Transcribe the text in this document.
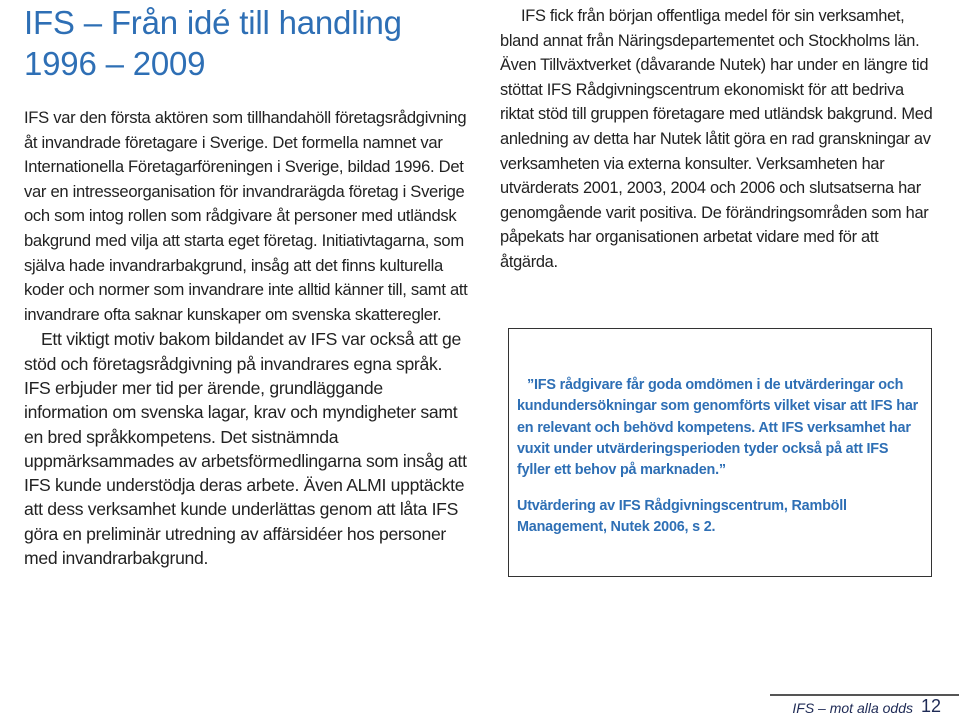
IFS – Från idé till handling
1996 – 2009

IFS var den första aktören som tillhandahöll företagsrådgivning åt invandrade företagare i Sverige. Det formella namnet var Internationella Företagarföreningen i Sverige, bildad 1996. Det var en intresseorganisation för invandrarägda företag i Sverige och som intog rollen som rådgivare åt personer med utländsk bakgrund med vilja att starta eget företag. Initiativtagarna, som själva hade invandrarbakgrund, insåg att det finns kulturella koder och normer som invandrare inte alltid känner till, samt att invandrare ofta saknar kunskaper om svenska skatteregler.

Ett viktigt motiv bakom bildandet av IFS var också att ge stöd och företagsrådgivning på invandrares egna språk. IFS erbjuder mer tid per ärende, grundläggande information om svenska lagar, krav och myndigheter samt en bred språkkompetens. Det sistnämnda uppmärksammades av arbetsförmedlingarna som insåg att IFS kunde understödja deras arbete. Även ALMI upptäckte att dess verksamhet kunde underlättas genom att låta IFS göra en preliminär utredning av affärsidéer hos personer med invandrarbakgrund.

IFS fick från början offentliga medel för sin verksamhet, bland annat från Näringsdepartementet och Stockholms län. Även Tillväxtverket (dåvarande Nutek) har under en längre tid stöttat IFS Rådgivningscentrum ekonomiskt för att bedriva riktat stöd till gruppen företagare med utländsk bakgrund. Med anledning av detta har Nutek låtit göra en rad granskningar av verksamheten via externa konsulter. Verksamheten har utvärderats 2001, 2003, 2004 och 2006 och slutsatserna har genomgående varit positiva. De förändringsområden som har påpekats har organisationen arbetat vidare med för att åtgärda.

”IFS rådgivare får goda omdömen i de utvärderingar och kundundersökningar som genomförts vilket visar att IFS har en relevant och behövd kompetens. Att IFS verksamhet har vuxit under utvärderingsperioden tyder också på att IFS fyller ett behov på marknaden.”

Utvärdering av IFS Rådgivningscentrum, Ramböll Management, Nutek 2006, s 2.

IFS – mot alla odds 12
